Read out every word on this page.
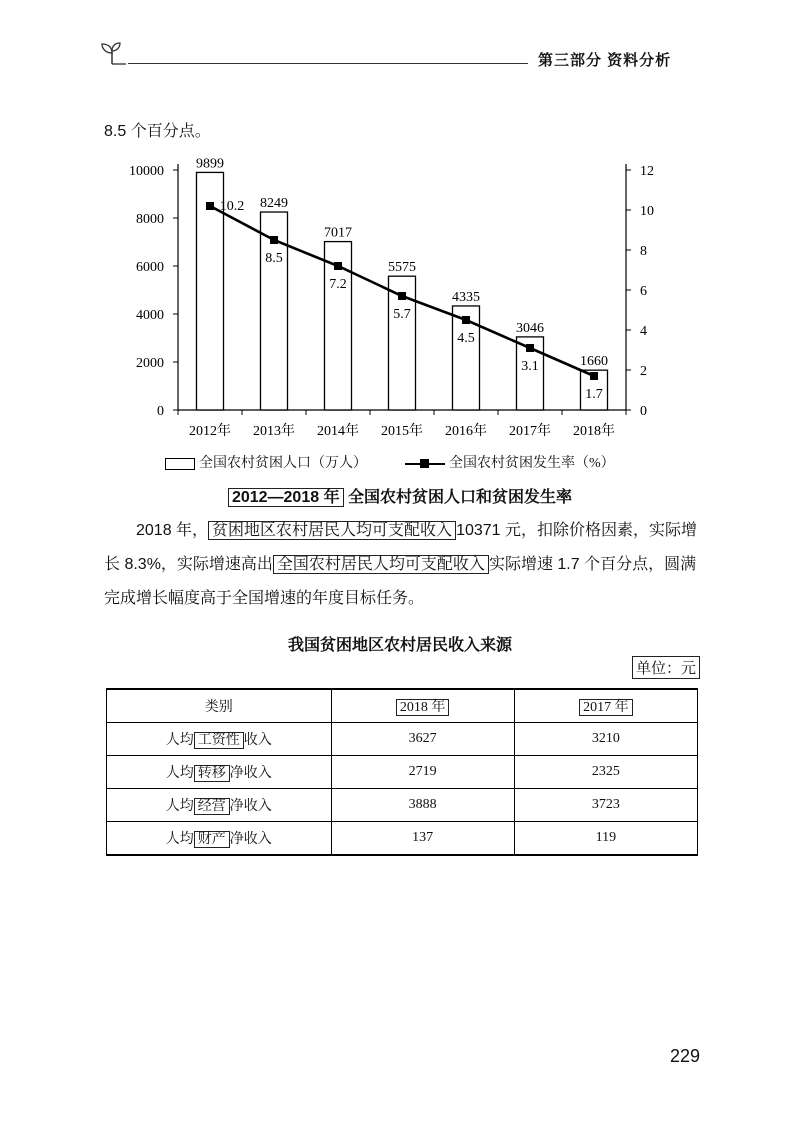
第三部分 资料分析
8.5 个百分点。
0
2000
4000
6000
8000
10000
0
2
4
6
8
10
12
2012年 2013年 2014年 2015年 2016年 2017年 2018年
9899
8249
7017
5575
4335
3046
1660
10.2
8.5
7.2
5.7
4.5
3.1
1.7
全国农村贫困人口（万人）	全国农村贫困发生率（%）
2012—2018 年 全国农村贫困人口和贫困发生率
2018 年， 贫困地区农村居民人均可支配收入 10371 元，扣除价格因素，实际增长 8.3%，实际增速高出 全国农村居民人均可支配收入 实际增速 1.7 个百分点，圆满完成增长幅度高于全国增速的年度目标任务。
我国贫困地区农村居民收入来源
单位：元
类别	2018 年	2017 年
人均 工资性 收入	3627	3210
人均 转移 净收入	2719	2325
人均 经营 净收入	3888	3723
人均 财产 净收入	137	119
229
